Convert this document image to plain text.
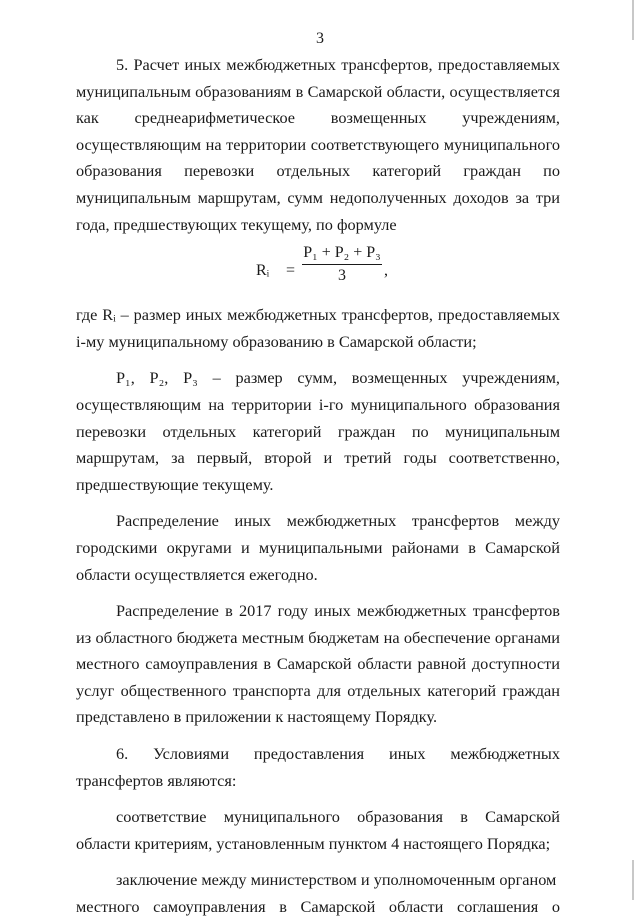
3

5. Расчет иных межбюджетных трансфертов, предоставляемых муниципальным образованиям в Самарской области, осуществляется как среднеарифметическое возмещенных учреждениям, осуществляющим на территории соответствующего муниципального образования перевозки отдельных категорий граждан по муниципальным маршрутам, сумм недополученных доходов за три года, предшествующих текущему, по формуле

Rᵢ = $\frac{\text{P₁ + P₂ + P₃}}{3}$ ,

где Rᵢ – размер иных межбюджетных трансфертов, предоставляемых i-му муниципальному образованию в Самарской области;

P₁, P₂, P₃ – размер сумм, возмещенных учреждениям, осуществляющим на территории i-го муниципального образования перевозки отдельных категорий граждан по муниципальным маршрутам, за первый, второй и третий годы соответственно, предшествующие текущему.

Распределение иных межбюджетных трансфертов между городскими округами и муниципальными районами в Самарской области осуществляется ежегодно.

Распределение в 2017 году иных межбюджетных трансфертов из областного бюджета местным бюджетам на обеспечение органами местного самоуправления в Самарской области равной доступности услуг общественного транспорта для отдельных категорий граждан представлено в приложении к настоящему Порядку.

6. Условиями предоставления иных межбюджетных трансфертов являются:

соответствие муниципального образования в Самарской области критериям, установленным пунктом 4 настоящего Порядка;

заключение между министерством и уполномоченным органом

местного самоуправления в Самарской области соглашения о
